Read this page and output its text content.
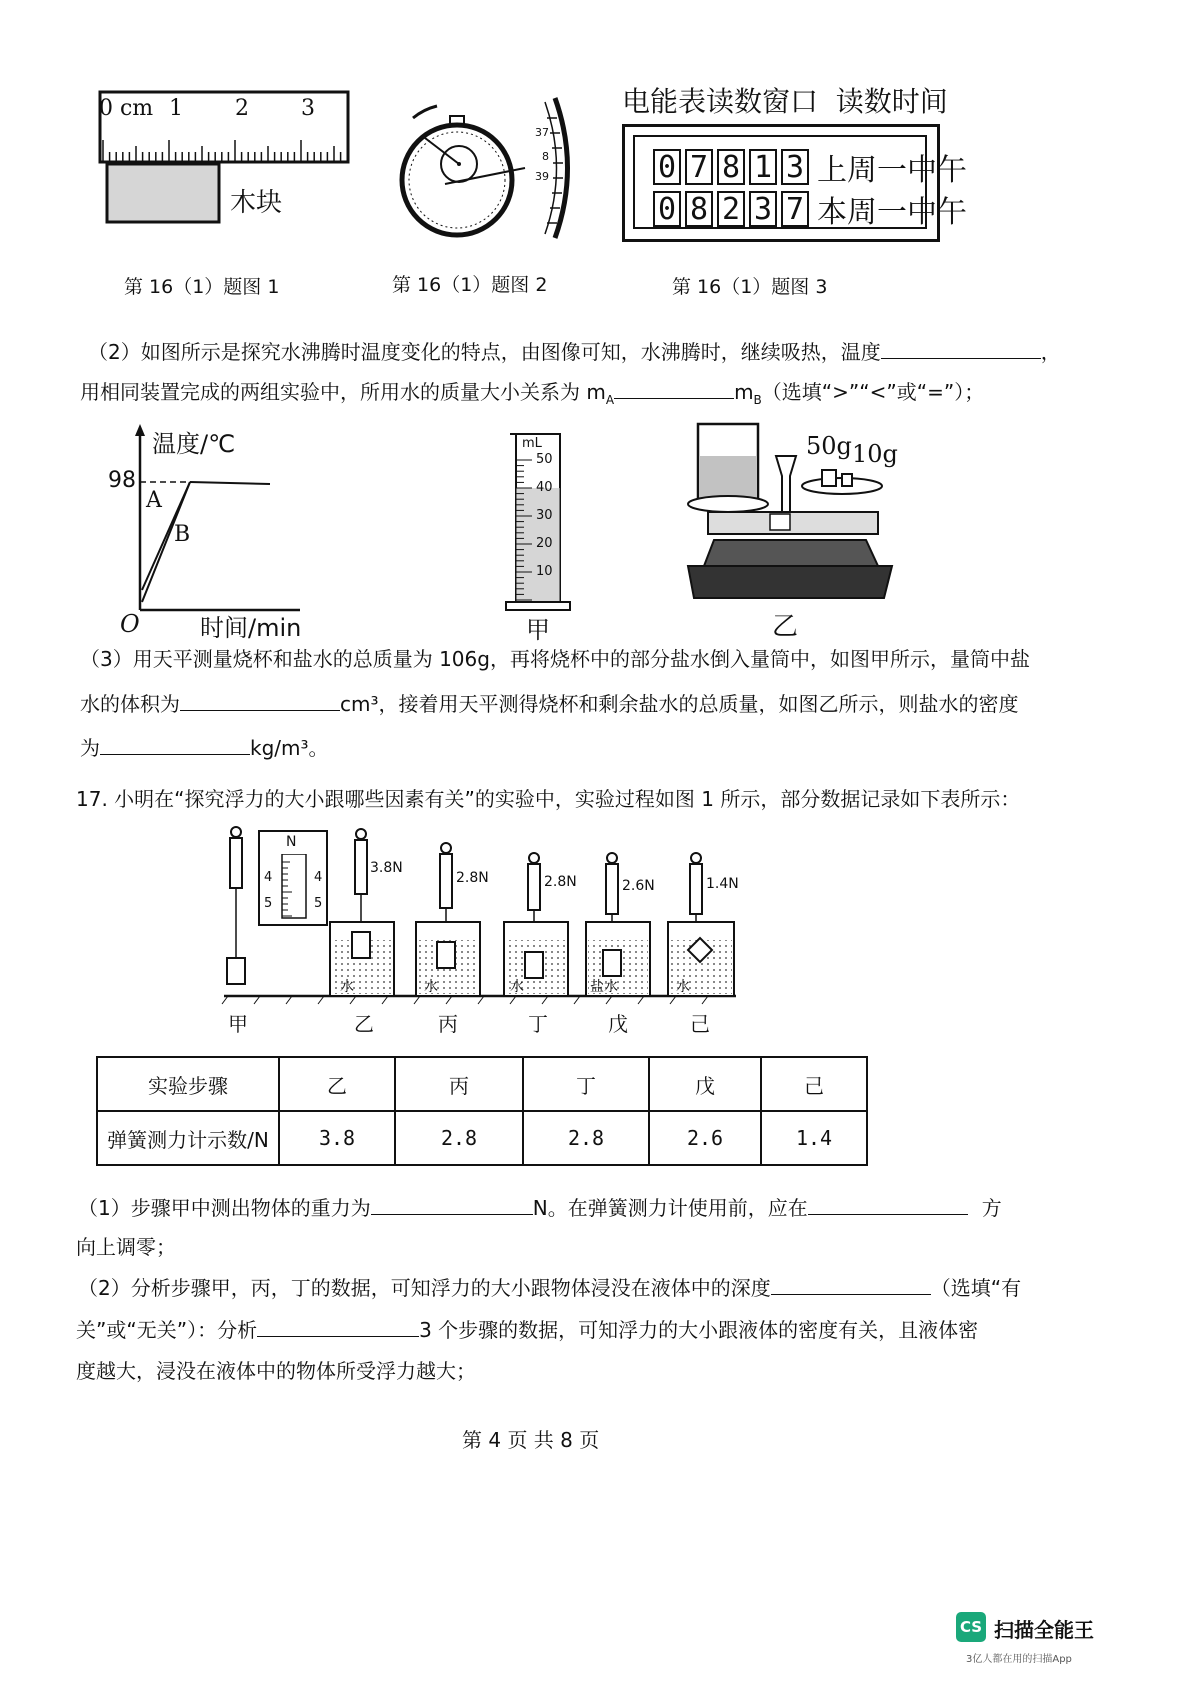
0 cm 1 2 3
木块
第 16（1）题图 1
37
8
39
第 16（1）题图 2
电能表读数窗口  读数时间
0 7 8 1 3 上周一中午
0 8 2 3 7 本周一中午
第 16（1）题图 3
（2）如图所示是探究水沸腾时温度变化的特点，由图像可知，水沸腾时，继续吸热，温度	，
用相同装置完成的两组实验中，所用水的质量大小关系为 $m_A$	$m_B$（选填“>”“<”或“=”）；
温度/℃
98
A
B
O	时间/min
mL
50
40
30
20
10
甲
50g 10g
乙
（3）用天平测量烧杯和盐水的总质量为 106g，再将烧杯中的部分盐水倒入量筒中，如图甲所示，量筒中盐
水的体积为	cm³，接着用天平测得烧杯和剩余盐水的总质量，如图乙所示，则盐水的密度
为	kg/m³。
17. 小明在“探究浮力的大小跟哪些因素有关”的实验中，实验过程如图 1 所示，部分数据记录如下表所示：
N
4	4
5	5
甲
3.8N
水
乙
2.8N
水
丙
2.8N
水
丁
2.6N
盐水
戊
1.4N
水
己
实验步骤	乙	丙	丁	戊	己
弹簧测力计示数/N	3.8	2.8	2.8	2.6	1.4
（1）步骤甲中测出物体的重力为	N。在弹簧测力计使用前，应在	方
向上调零；
（2）分析步骤甲，丙，丁的数据，可知浮力的大小跟物体浸没在液体中的深度	（选填“有
关”或“无关”）：分析	3 个步骤的数据，可知浮力的大小跟液体的密度有关，且液体密
度越大，浸没在液体中的物体所受浮力越大；
第 4 页 共 8 页
CS 扫描全能王
3亿人都在用的扫描App
